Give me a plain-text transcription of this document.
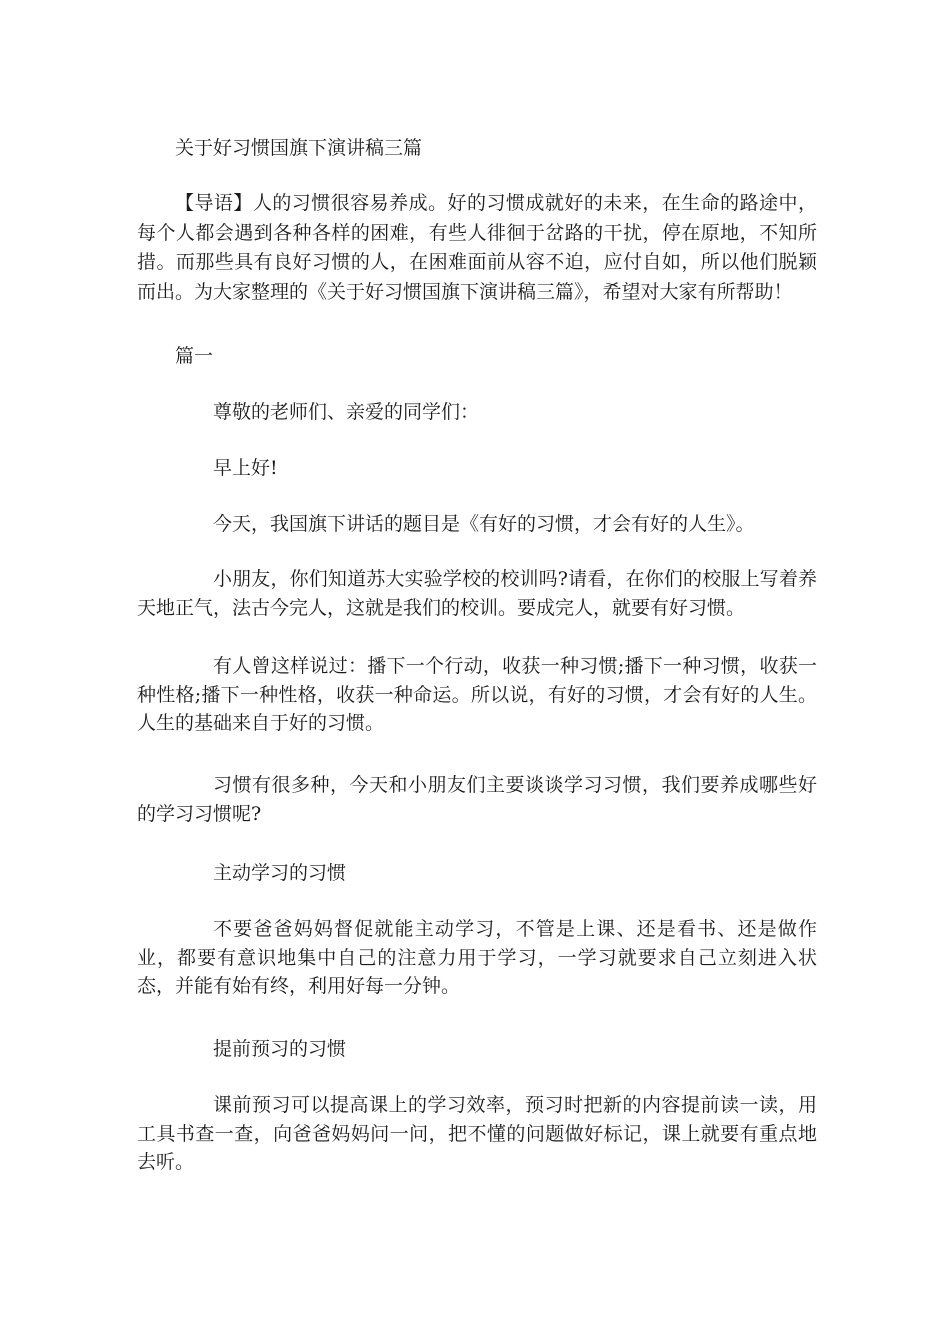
关于好习惯国旗下演讲稿三篇

【导语】人的习惯很容易养成。好的习惯成就好的未来，在生命的路途中，每个人都会遇到各种各样的困难，有些人徘徊于岔路的干扰，停在原地，不知所措。而那些具有良好习惯的人，在困难面前从容不迫，应付自如，所以他们脱颖而出。为大家整理的《关于好习惯国旗下演讲稿三篇》，希望对大家有所帮助！

篇一

尊敬的老师们、亲爱的同学们：

早上好!

今天，我国旗下讲话的题目是《有好的习惯，才会有好的人生》。

小朋友，你们知道苏大实验学校的校训吗?请看，在你们的校服上写着养天地正气，法古今完人，这就是我们的校训。要成完人，就要有好习惯。

有人曾这样说过：播下一个行动，收获一种习惯;播下一种习惯，收获一种性格;播下一种性格，收获一种命运。所以说，有好的习惯，才会有好的人生。人生的基础来自于好的习惯。

习惯有很多种，今天和小朋友们主要谈谈学习习惯，我们要养成哪些好的学习习惯呢?

主动学习的习惯

不要爸爸妈妈督促就能主动学习，不管是上课、还是看书、还是做作业，都要有意识地集中自己的注意力用于学习，一学习就要求自己立刻进入状态，并能有始有终，利用好每一分钟。

提前预习的习惯

课前预习可以提高课上的学习效率，预习时把新的内容提前读一读，用工具书查一查，向爸爸妈妈问一问，把不懂的问题做好标记，课上就要有重点地去听。
